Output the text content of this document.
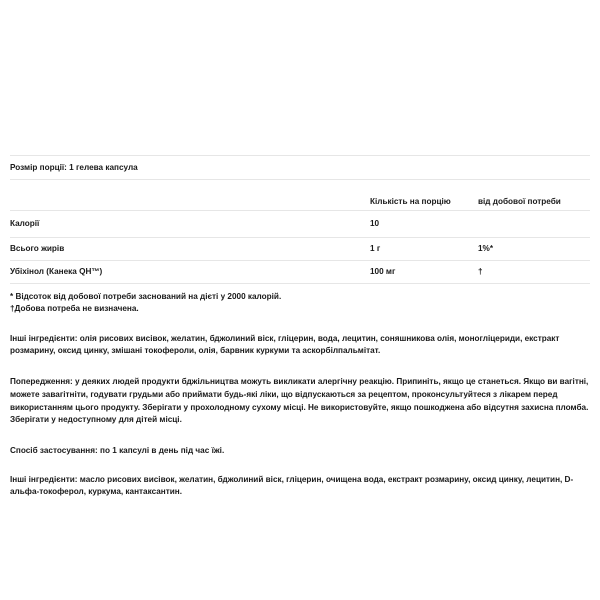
Розмір порції: 1 гелева капсула		
	Кількість на порцію	від добової потреби
Калорії	10	
Всього жирів	1 г	1%*
Убіхінол (Канека QH™)	100 мг	†
* Відсоток від добової потреби заснований на дієті у 2000 калорій.
†Добова потреба не визначена.

Інші інгредієнти: олія рисових висівок, желатин, бджолиний віск, гліцерин, вода, лецитин, соняшникова олія, моногліцериди, екстракт розмарину, оксид цинку, змішані токофероли, олія, барвник куркуми та аскорбілпальмітат.

Попередження: у деяких людей продукти бджільництва можуть викликати алергічну реакцію. Припиніть, якщо це станеться. Якщо ви вагітні, можете завагітніти, годувати грудьми або приймати будь-які ліки, що відпускаються за рецептом, проконсультуйтеся з лікарем перед використанням цього продукту. Зберігати у прохолодному сухому місці. Не використовуйте, якщо пошкоджена або відсутня захисна пломба. Зберігати у недоступному для дітей місці.

Спосіб застосування: по 1 капсулі в день під час їжі.

Інші інгредієнти: масло рисових висівок, желатин, бджолиний віск, гліцерин, очищена вода, екстракт розмарину, оксид цинку, лецитин, D-альфа-токоферол, куркума, кантаксантин.
